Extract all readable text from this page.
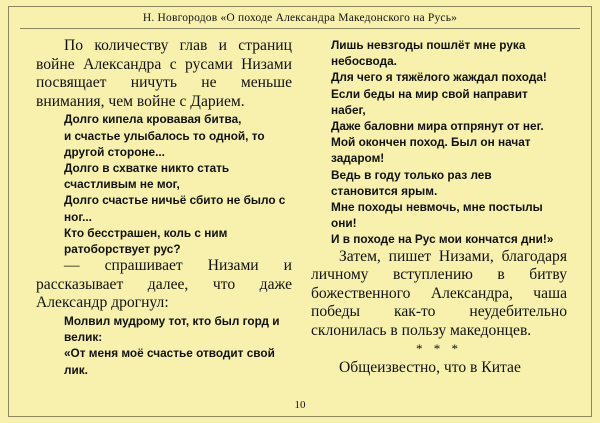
Н. Новгородов «О походе Александра Македонского на Русь»

По количеству глав и страниц войне Александра с русами Низами посвящает ничуть не меньше внимания, чем войне с Дарием.

Долго кипела кровавая битва,
и счастье улыбалось то одной, то
другой стороне...
Долго в схватке никто стать
счастливым не мог,
Долго счастье ничьё сбито не было с
ног...
Кто бесстрашен, коль с ним
ратоборствует рус?

— спрашивает Низами и рассказывает далее, что даже Александр дрогнул:

Молвил мудрому тот, кто был горд и
велик:
«От меня моё счастье отводит свой
лик.
Лишь невзгоды пошлёт мне рука
небосвода.
Для чего я тяжёлого жаждал похода!
Если беды на мир свой направит
набег,
Даже баловни мира отпрянут от нег.
Мой окончен поход. Был он начат
задаром!
Ведь в году только раз лев
становится ярым.
Мне походы невмочь, мне постылы
они!
И в походе на Рус мои кончатся дни!»

Затем, пишет Низами, благодаря личному вступлению в битву божественного Александра, чаша победы как-то неудебительно склонилась в пользу македонцев.

* * *

Общеизвестно, что в Китае

10
